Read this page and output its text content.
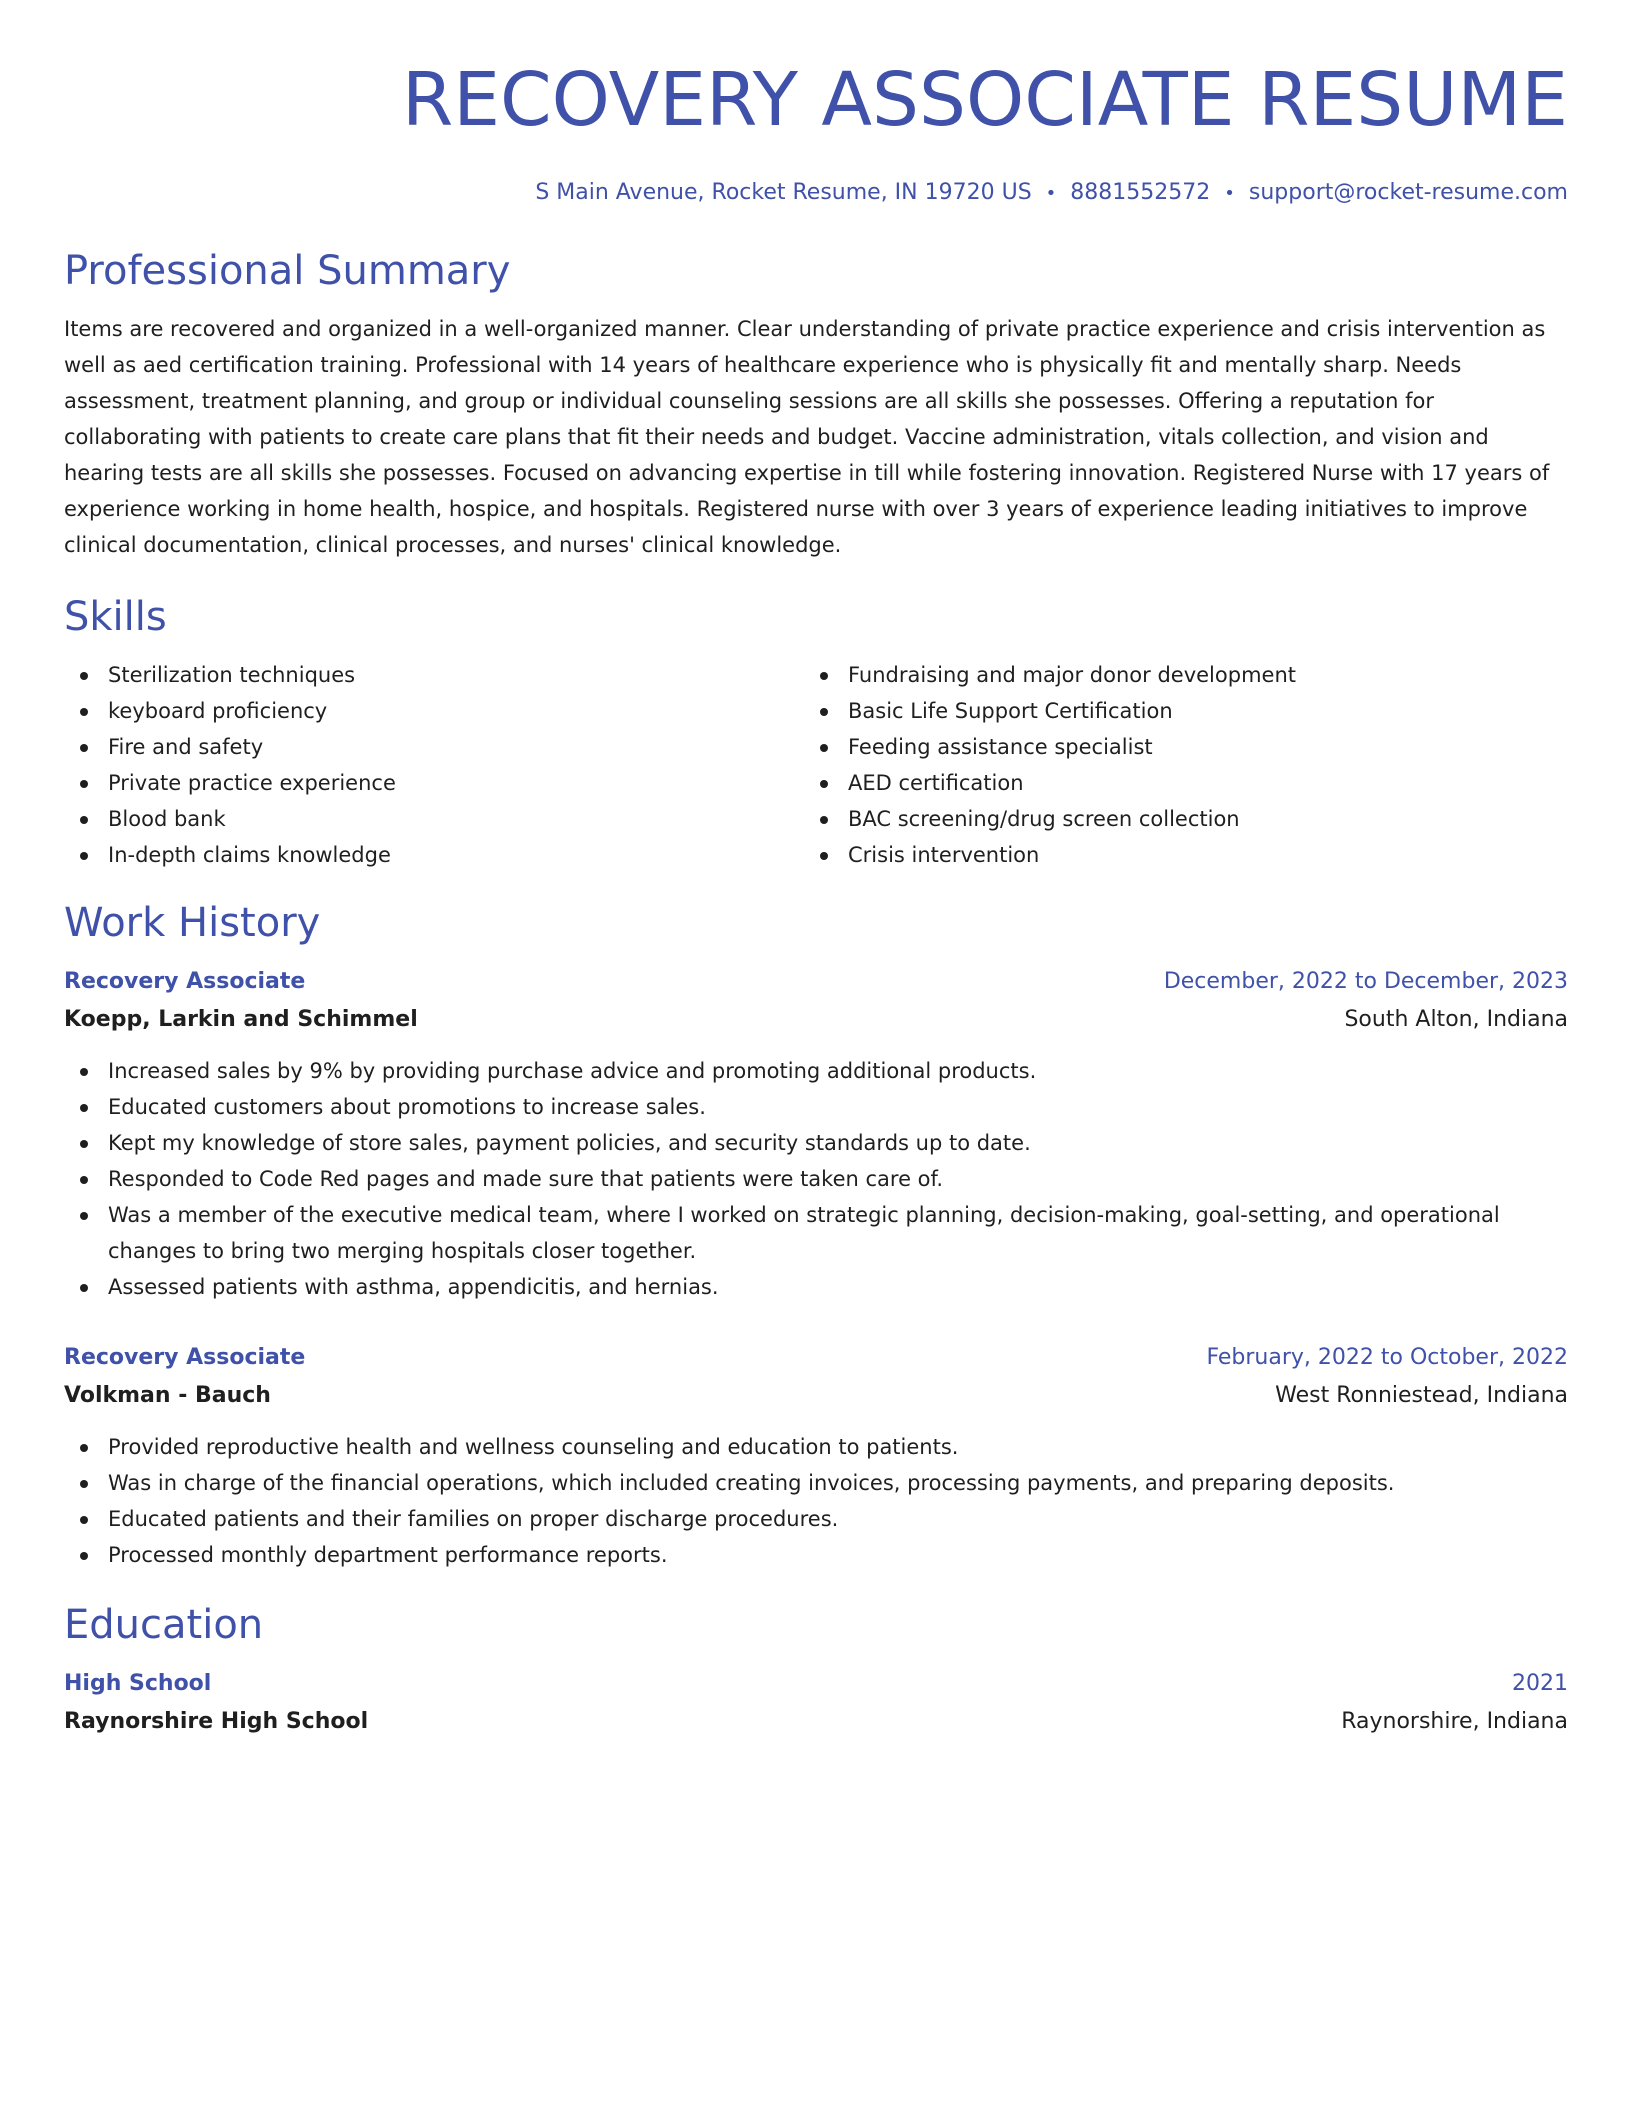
RECOVERY ASSOCIATE RESUME
S Main Avenue, Rocket Resume, IN 19720 US • 8881552572 • support@rocket-resume.com
Professional Summary

Items are recovered and organized in a well-organized manner. Clear understanding of private practice experience and crisis intervention as well as aed certification training. Professional with 14 years of healthcare experience who is physically fit and mentally sharp. Needs assessment, treatment planning, and group or individual counseling sessions are all skills she possesses. Offering a reputation for collaborating with patients to create care plans that fit their needs and budget. Vaccine administration, vitals collection, and vision and hearing tests are all skills she possesses. Focused on advancing expertise in till while fostering innovation. Registered Nurse with 17 years of experience working in home health, hospice, and hospitals. Registered nurse with over 3 years of experience leading initiatives to improve clinical documentation, clinical processes, and nurses' clinical knowledge.

Skills
Sterilization techniques
keyboard proficiency
Fire and safety
Private practice experience
Blood bank
In-depth claims knowledge
Fundraising and major donor development
Basic Life Support Certification
Feeding assistance specialist
AED certification
BAC screening/drug screen collection
Crisis intervention
Work History
Recovery Associate	December, 2022 to December, 2023
Koepp, Larkin and Schimmel	South Alton, Indiana
Increased sales by 9% by providing purchase advice and promoting additional products.
Educated customers about promotions to increase sales.
Kept my knowledge of store sales, payment policies, and security standards up to date.
Responded to Code Red pages and made sure that patients were taken care of.
Was a member of the executive medical team, where I worked on strategic planning, decision-making, goal-setting, and operational changes to bring two merging hospitals closer together.
Assessed patients with asthma, appendicitis, and hernias.
Recovery Associate	February, 2022 to October, 2022
Volkman - Bauch	West Ronniestead, Indiana
Provided reproductive health and wellness counseling and education to patients.
Was in charge of the financial operations, which included creating invoices, processing payments, and preparing deposits.
Educated patients and their families on proper discharge procedures.
Processed monthly department performance reports.
Education
High School	2021
Raynorshire High School	Raynorshire, Indiana
